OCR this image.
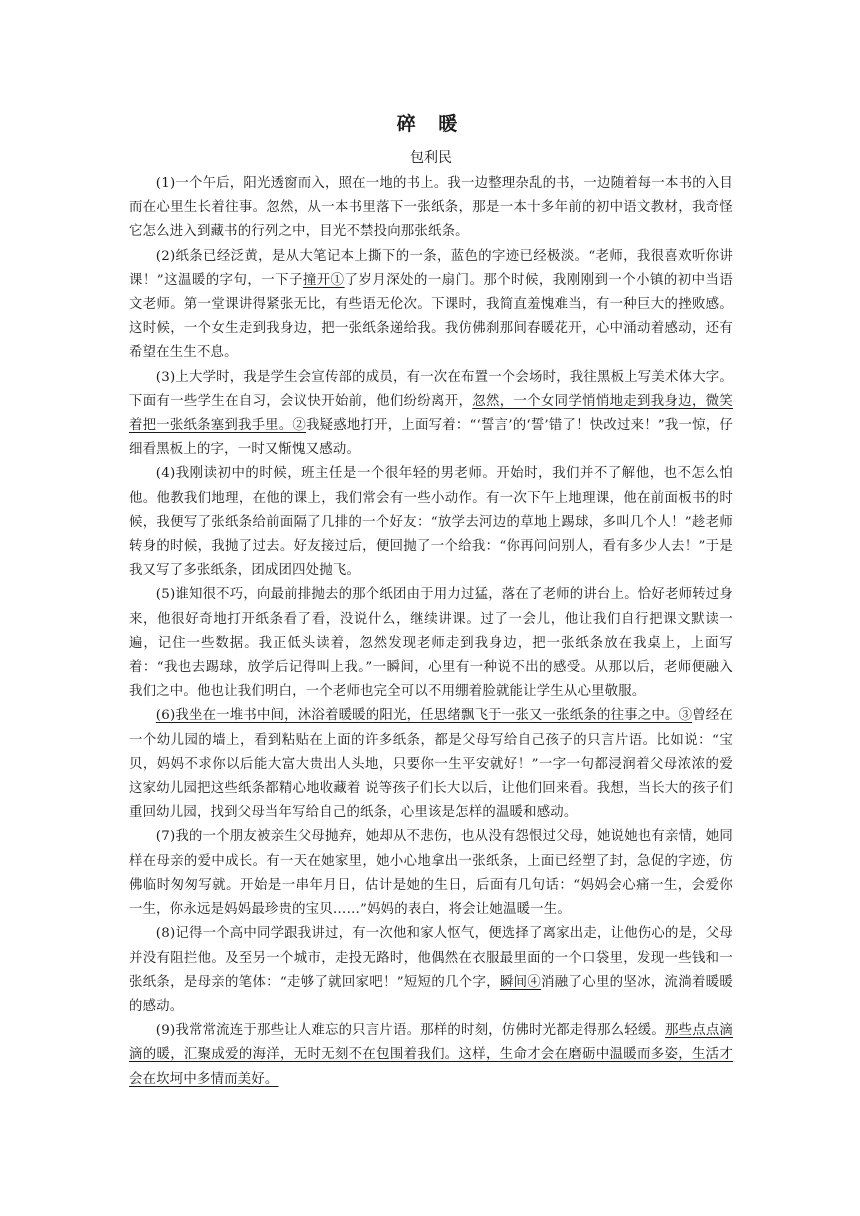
碎 暖
包利民

(1)一个午后，阳光透窗而入，照在一地的书上。我一边整理杂乱的书，一边随着每一本书的入目而在心里生长着往事。忽然，从一本书里落下一张纸条，那是一本十多年前的初中语文教材，我奇怪它怎么进入到藏书的行列之中，目光不禁投向那张纸条。

(2)纸条已经泛黄，是从大笔记本上撕下的一条，蓝色的字迹已经极淡。“老师，我很喜欢听你讲课！”这温暖的字句，一下子撞开①了岁月深处的一扇门。那个时候，我刚刚到一个小镇的初中当语文老师。第一堂课讲得紧张无比，有些语无伦次。下课时，我简直羞愧难当，有一种巨大的挫败感。这时候，一个女生走到我身边，把一张纸条递给我。我仿佛刹那间春暖花开，心中涌动着感动，还有希望在生生不息。

(3)上大学时，我是学生会宣传部的成员，有一次在布置一个会场时，我往黑板上写美术体大字。下面有一些学生在自习，会议快开始前，他们纷纷离开，忽然，一个女同学悄悄地走到我身边，微笑着把一张纸条塞到我手里。②我疑惑地打开，上面写着：“‘誓言’的‘誓’错了！快改过来！”我一惊，仔细看黑板上的字，一时又惭愧又感动。

(4)我刚读初中的时候，班主任是一个很年轻的男老师。开始时，我们并不了解他，也不怎么怕他。他教我们地理，在他的课上，我们常会有一些小动作。有一次下午上地理课，他在前面板书的时候，我便写了张纸条给前面隔了几排的一个好友：“放学去河边的草地上踢球，多叫几个人！”趁老师转身的时候，我抛了过去。好友接过后，便回抛了一个给我：“你再问问别人，看有多少人去！”于是我又写了多张纸条，团成团四处抛飞。

(5)谁知很不巧，向最前排抛去的那个纸团由于用力过猛，落在了老师的讲台上。恰好老师转过身来，他很好奇地打开纸条看了看，没说什么，继续讲课。过了一会儿，他让我们自行把课文默读一遍，记住一些数据。我正低头读着，忽然发现老师走到我身边，把一张纸条放在我桌上，上面写着：“我也去踢球，放学后记得叫上我。”一瞬间，心里有一种说不出的感受。从那以后，老师便融入我们之中。他也让我们明白，一个老师也完全可以不用绷着脸就能让学生从心里敬服。

(6)我坐在一堆书中间，沐浴着暖暖的阳光，任思绪飘飞于一张又一张纸条的往事之中。③曾经在一个幼儿园的墙上，看到粘贴在上面的许多纸条，都是父母写给自己孩子的只言片语。比如说：“宝贝，妈妈不求你以后能大富大贵出人头地，只要你一生平安就好！”一字一句都浸润着父母浓浓的爱 这家幼儿园把这些纸条都精心地收藏着 说等孩子们长大以后，让他们回来看。我想，当长大的孩子们重回幼儿园，找到父母当年写给自己的纸条，心里该是怎样的温暖和感动。

(7)我的一个朋友被亲生父母抛弃，她却从不悲伤，也从没有怨恨过父母，她说她也有亲情，她同样在母亲的爱中成长。有一天在她家里，她小心地拿出一张纸条，上面已经塑了封，急促的字迹，仿佛临时匆匆写就。开始是一串年月日，估计是她的生日，后面有几句话：“妈妈会心痛一生，会爱你一生，你永远是妈妈最珍贵的宝贝……”妈妈的表白，将会让她温暖一生。

(8)记得一个高中同学跟我讲过，有一次他和家人怄气，便选择了离家出走，让他伤心的是，父母并没有阻拦他。及至另一个城市，走投无路时，他偶然在衣服最里面的一个口袋里，发现一些钱和一张纸条，是母亲的笔体：“走够了就回家吧！”短短的几个字，瞬间④消融了心里的坚冰，流淌着暖暖的感动。

(9)我常常流连于那些让人难忘的只言片语。那样的时刻，仿佛时光都走得那么轻缓。那些点点滴滴的暖，汇聚成爱的海洋，无时无刻不在包围着我们。这样，生命才会在磨砺中温暖而多姿，生活才会在坎坷中多情而美好。
